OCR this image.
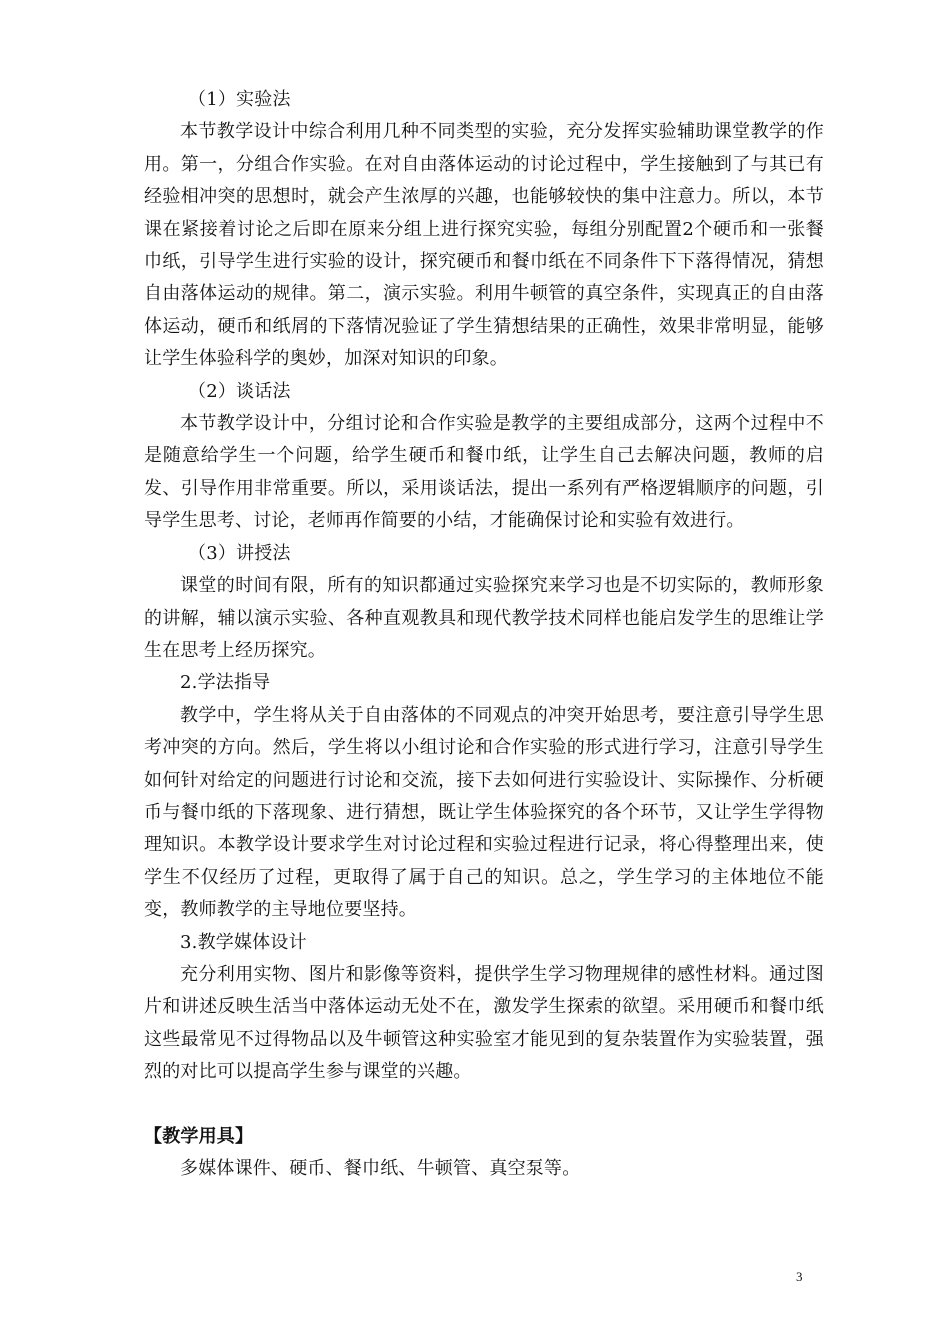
（1）实验法

本节教学设计中综合利用几种不同类型的实验，充分发挥实验辅助课堂教学的作用。第一，分组合作实验。在对自由落体运动的讨论过程中，学生接触到了与其已有经验相冲突的思想时，就会产生浓厚的兴趣，也能够较快的集中注意力。所以，本节课在紧接着讨论之后即在原来分组上进行探究实验，每组分别配置2个硬币和一张餐巾纸，引导学生进行实验的设计，探究硬币和餐巾纸在不同条件下下落得情况，猜想自由落体运动的规律。第二，演示实验。利用牛顿管的真空条件，实现真正的自由落体运动，硬币和纸屑的下落情况验证了学生猜想结果的正确性，效果非常明显，能够让学生体验科学的奥妙，加深对知识的印象。

（2）谈话法

本节教学设计中，分组讨论和合作实验是教学的主要组成部分，这两个过程中不是随意给学生一个问题，给学生硬币和餐巾纸，让学生自己去解决问题，教师的启发、引导作用非常重要。所以，采用谈话法，提出一系列有严格逻辑顺序的问题，引导学生思考、讨论，老师再作简要的小结，才能确保讨论和实验有效进行。

（3）讲授法

课堂的时间有限，所有的知识都通过实验探究来学习也是不切实际的，教师形象的讲解，辅以演示实验、各种直观教具和现代教学技术同样也能启发学生的思维让学生在思考上经历探究。

2.学法指导

教学中，学生将从关于自由落体的不同观点的冲突开始思考，要注意引导学生思考冲突的方向。然后，学生将以小组讨论和合作实验的形式进行学习，注意引导学生如何针对给定的问题进行讨论和交流，接下去如何进行实验设计、实际操作、分析硬币与餐巾纸的下落现象、进行猜想，既让学生体验探究的各个环节，又让学生学得物理知识。本教学设计要求学生对讨论过程和实验过程进行记录，将心得整理出来，使学生不仅经历了过程，更取得了属于自己的知识。总之，学生学习的主体地位不能变，教师教学的主导地位要坚持。

3.教学媒体设计

充分利用实物、图片和影像等资料，提供学生学习物理规律的感性材料。通过图片和讲述反映生活当中落体运动无处不在，激发学生探索的欲望。采用硬币和餐巾纸这些最常见不过得物品以及牛顿管这种实验室才能见到的复杂装置作为实验装置，强烈的对比可以提高学生参与课堂的兴趣。

【教学用具】

多媒体课件、硬币、餐巾纸、牛顿管、真空泵等。

3
